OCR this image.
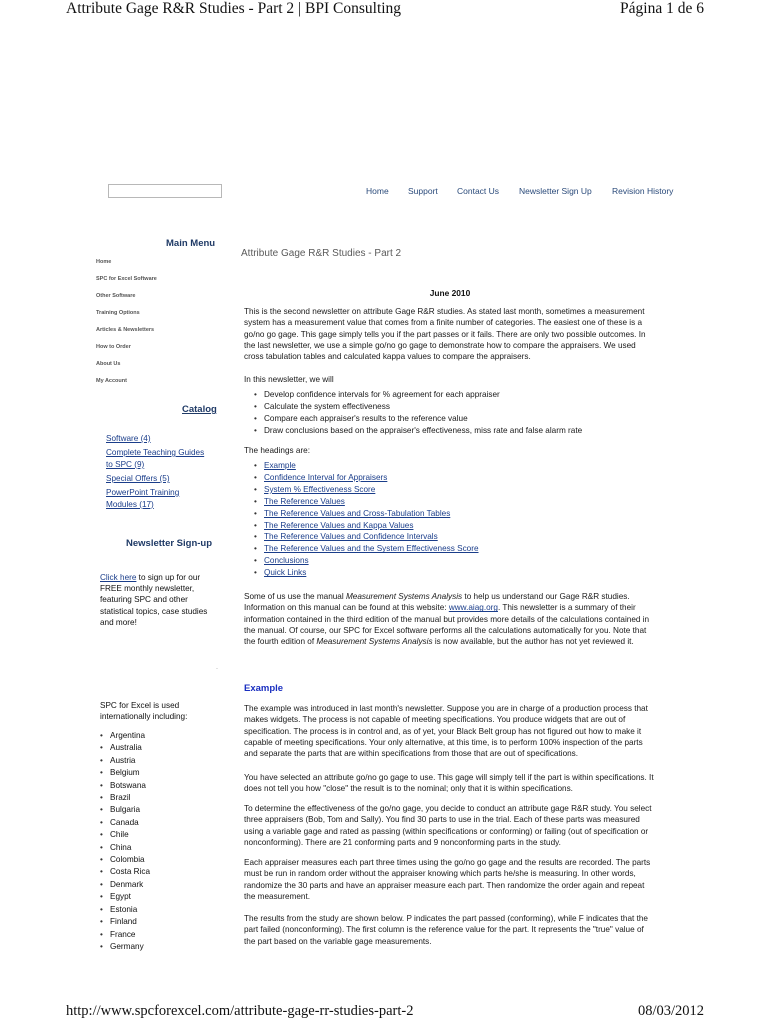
Attribute Gage R&R Studies - Part 2 | BPI Consulting	Página 1 de 6
Home Support Contact Us Newsletter Sign Up Revision History
Main Menu
Home
SPC for Excel Software
Other Software
Training Options
Articles & Newsletters
How to Order
About Us
My Account
Catalog
Software (4)
Complete Teaching Guides
to SPC (9)
Special Offers (5)
PowerPoint Training
Modules (17)
Newsletter Sign-up
Click here to sign up for our FREE monthly newsletter, featuring SPC and other statistical topics, case studies and more!
·
SPC for Excel is used internationally including:
• Argentina
• Australia
• Austria
• Belgium
• Botswana
• Brazil
• Bulgaria
• Canada
• Chile
• China
• Colombia
• Costa Rica
• Denmark
• Egypt
• Estonia
• Finland
• France
• Germany
Attribute Gage R&R Studies - Part 2
June 2010

This is the second newsletter on attribute Gage R&R studies. As stated last month, sometimes a measurement system has a measurement value that comes from a finite number of categories. The easiest one of these is a go/no go gage. This gage simply tells you if the part passes or it fails. There are only two possible outcomes. In the last newsletter, we use a simple go/no go gage to demonstrate how to compare the appraisers. We used cross tabulation tables and calculated kappa values to compare the appraisers.

In this newsletter, we will

• Develop confidence intervals for % agreement for each appraiser
• Calculate the system effectiveness
• Compare each appraiser's results to the reference value
• Draw conclusions based on the appraiser's effectiveness, miss rate and false alarm rate

The headings are:

• Example
• Confidence Interval for Appraisers
• System % Effectiveness Score
• The Reference Values
• The Reference Values and Cross-Tabulation Tables
• The Reference Values and Kappa Values
• The Reference Values and Confidence Intervals
• The Reference Values and the System Effectiveness Score
• Conclusions
• Quick Links

Some of us use the manual Measurement Systems Analysis to help us understand our Gage R&R studies. Information on this manual can be found at this website: www.aiag.org. This newsletter is a summary of their information contained in the third edition of the manual but provides more details of the calculations contained in the manual. Of course, our SPC for Excel software performs all the calculations automatically for you. Note that the fourth edition of Measurement Systems Analysis is now available, but the author has not yet reviewed it.

Example

The example was introduced in last month's newsletter. Suppose you are in charge of a production process that makes widgets. The process is not capable of meeting specifications. You produce widgets that are out of specification. The process is in control and, as of yet, your Black Belt group has not figured out how to make it capable of meeting specifications. Your only alternative, at this time, is to perform 100% inspection of the parts and separate the parts that are within specifications from those that are out of specifications.

You have selected an attribute go/no go gage to use. This gage will simply tell if the part is within specifications. It does not tell you how "close" the result is to the nominal; only that it is within specifications.

To determine the effectiveness of the go/no gage, you decide to conduct an attribute gage R&R study. You select three appraisers (Bob, Tom and Sally). You find 30 parts to use in the trial. Each of these parts was measured using a variable gage and rated as passing (within specifications or conforming) or failing (out of specification or nonconforming). There are 21 conforming parts and 9 nonconforming parts in the study.

Each appraiser measures each part three times using the go/no go gage and the results are recorded. The parts must be run in random order without the appraiser knowing which parts he/she is measuring. In other words, randomize the 30 parts and have an appraiser measure each part. Then randomize the order again and repeat the measurement.

The results from the study are shown below. P indicates the part passed (conforming), while F indicates that the part failed (nonconforming). The first column is the reference value for the part. It represents the "true" value of the part based on the variable gage measurements.

http://www.spcforexcel.com/attribute-gage-rr-studies-part-2	08/03/2012
